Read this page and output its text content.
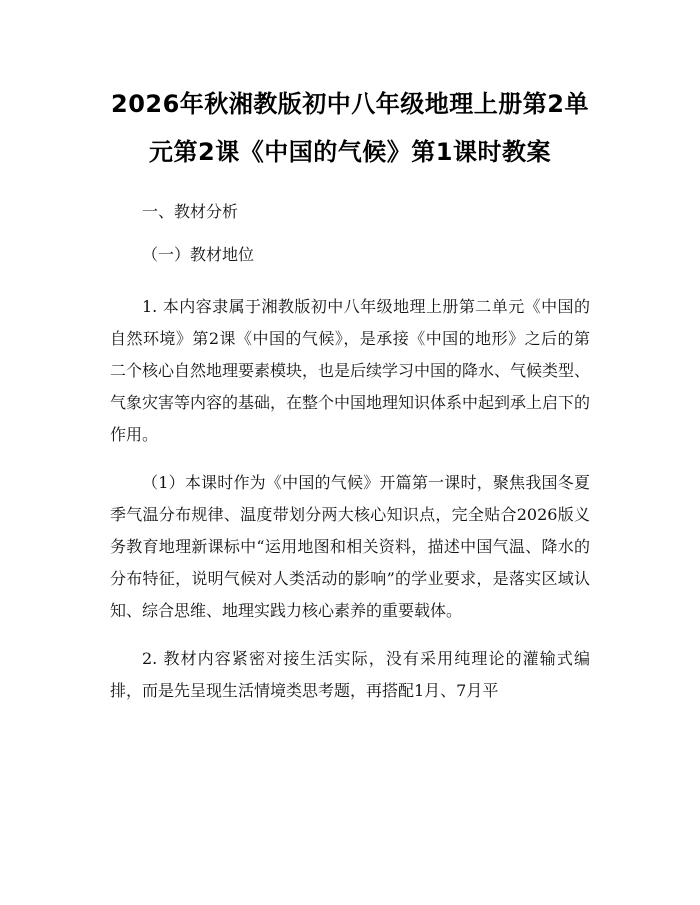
2026年秋湘教版初中八年级地理上册第2单
元第2课《中国的气候》第1课时教案

一、教材分析

（一）教材地位

1. 本内容隶属于湘教版初中八年级地理上册第二单元《中国的自然环境》第2课《中国的气候》，是承接《中国的地形》之后的第二个核心自然地理要素模块，也是后续学习中国的降水、气候类型、气象灾害等内容的基础，在整个中国地理知识体系中起到承上启下的作用。

（1）本课时作为《中国的气候》开篇第一课时，聚焦我国冬夏季气温分布规律、温度带划分两大核心知识点，完全贴合2026版义务教育地理新课标中“运用地图和相关资料，描述中国气温、降水的分布特征，说明气候对人类活动的影响”的学业要求，是落实区域认知、综合思维、地理实践力核心素养的重要载体。

2. 教材内容紧密对接生活实际，没有采用纯理论的灌输式编排，而是先呈现生活情境类思考题，再搭配1月、7月平
